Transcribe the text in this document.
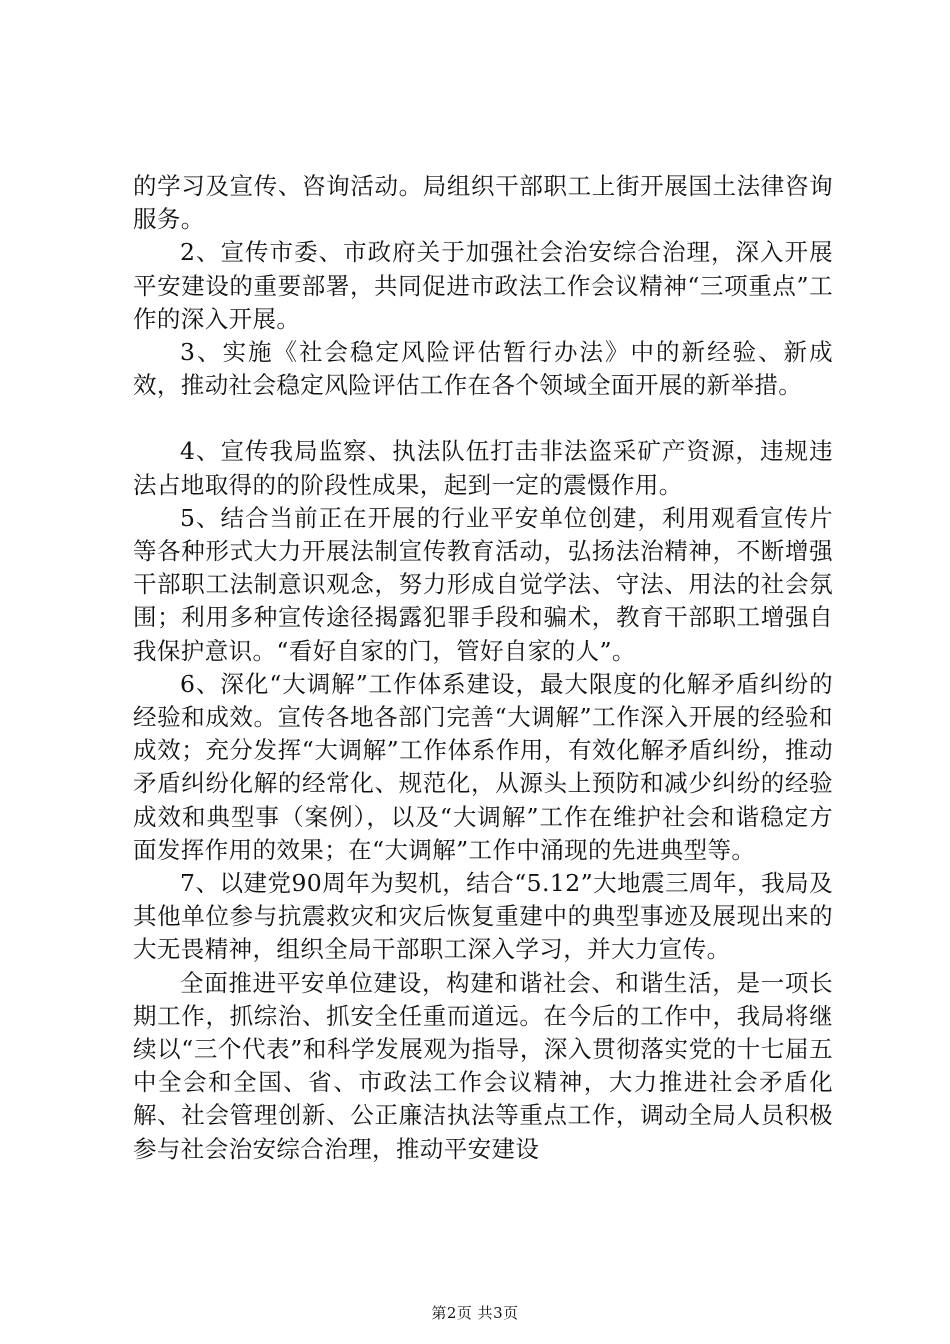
的学习及宣传、咨询活动。局组织干部职工上街开展国土法律咨询服务。

2、宣传市委、市政府关于加强社会治安综合治理，深入开展平安建设的重要部署，共同促进市政法工作会议精神“三项重点”工作的深入开展。

3、实施《社会稳定风险评估暂行办法》中的新经验、新成效，推动社会稳定风险评估工作在各个领域全面开展的新举措。

4、宣传我局监察、执法队伍打击非法盗采矿产资源，违规违法占地取得的的阶段性成果，起到一定的震慑作用。

5、结合当前正在开展的行业平安单位创建，利用观看宣传片等各种形式大力开展法制宣传教育活动，弘扬法治精神，不断增强干部职工法制意识观念，努力形成自觉学法、守法、用法的社会氛围；利用多种宣传途径揭露犯罪手段和骗术，教育干部职工增强自我保护意识。“看好自家的门，管好自家的人”。

6、深化“大调解”工作体系建设，最大限度的化解矛盾纠纷的经验和成效。宣传各地各部门完善“大调解”工作深入开展的经验和成效；充分发挥“大调解”工作体系作用，有效化解矛盾纠纷，推动矛盾纠纷化解的经常化、规范化，从源头上预防和减少纠纷的经验成效和典型事（案例），以及“大调解”工作在维护社会和谐稳定方面发挥作用的效果；在“大调解”工作中涌现的先进典型等。

7、以建党90周年为契机，结合“5.12”大地震三周年，我局及其他单位参与抗震救灾和灾后恢复重建中的典型事迹及展现出来的大无畏精神，组织全局干部职工深入学习，并大力宣传。

全面推进平安单位建设，构建和谐社会、和谐生活，是一项长期工作，抓综治、抓安全任重而道远。在今后的工作中，我局将继续以“三个代表”和科学发展观为指导，深入贯彻落实党的十七届五中全会和全国、省、市政法工作会议精神，大力推进社会矛盾化解、社会管理创新、公正廉洁执法等重点工作，调动全局人员积极参与社会治安综合治理，推动平安建设

第2页 共3页
